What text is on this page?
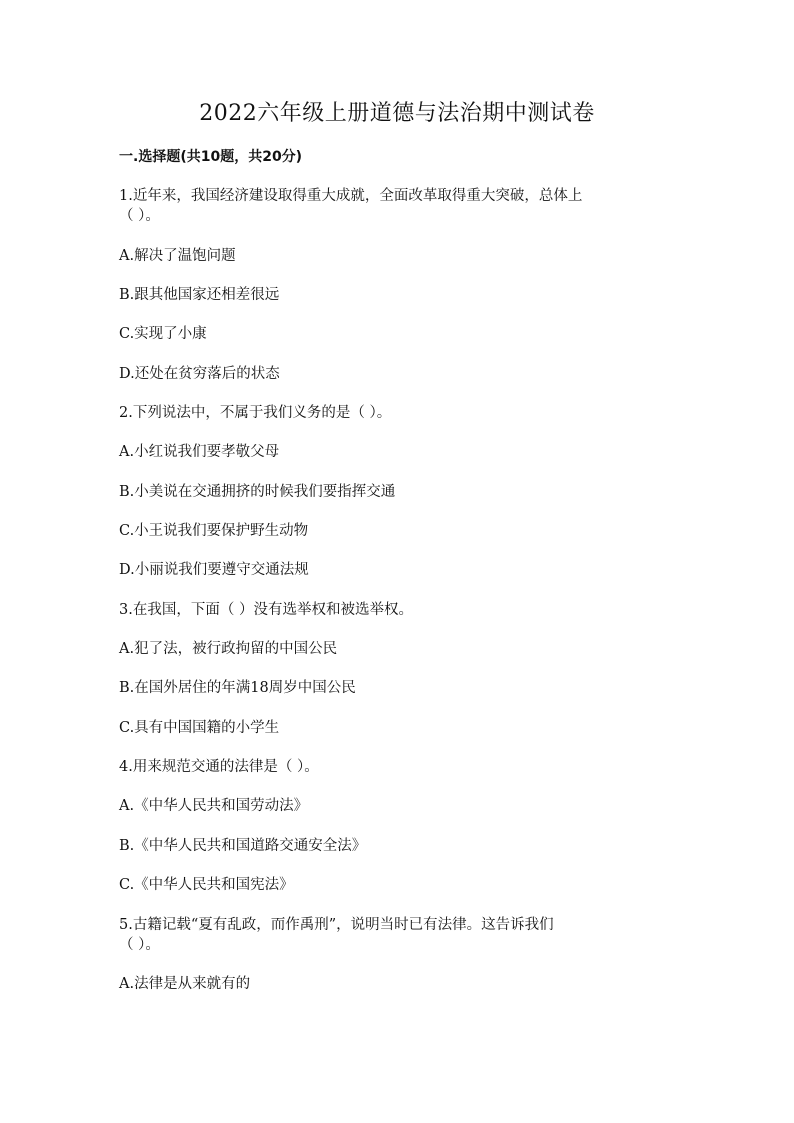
2022六年级上册道德与法治期中测试卷
一.选择题(共10题，共20分)
1.近年来，我国经济建设取得重大成就，全面改革取得重大突破，总体上
（ ）。
A.解决了温饱问题
B.跟其他国家还相差很远
C.实现了小康
D.还处在贫穷落后的状态
2.下列说法中，不属于我们义务的是（ ）。
A.小红说我们要孝敬父母
B.小美说在交通拥挤的时候我们要指挥交通
C.小王说我们要保护野生动物
D.小丽说我们要遵守交通法规
3.在我国，下面（ ）没有选举权和被选举权。
A.犯了法，被行政拘留的中国公民
B.在国外居住的年满18周岁中国公民
C.具有中国国籍的小学生
4.用来规范交通的法律是（ ）。
A.《中华人民共和国劳动法》
B.《中华人民共和国道路交通安全法》
C.《中华人民共和国宪法》
5.古籍记载“夏有乱政，而作禹刑”，说明当时已有法律。这告诉我们
（ ）。
A.法律是从来就有的
